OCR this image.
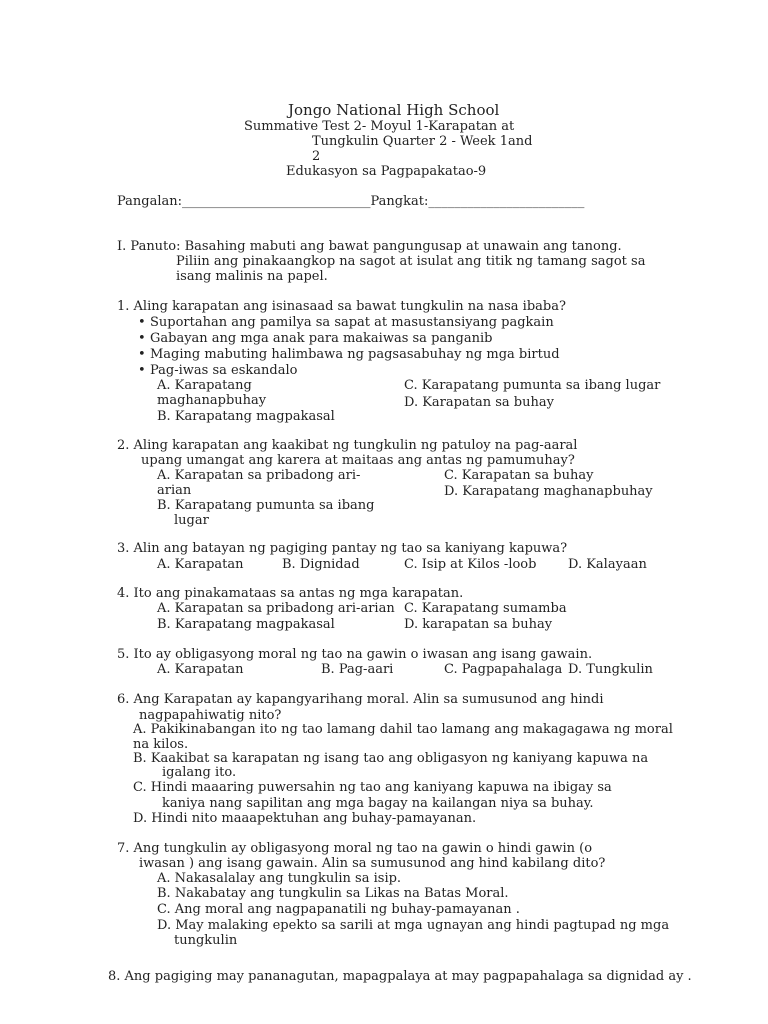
Jongo National High School
Summative Test 2- Moyul 1-Karapatan at
Tungkulin Quarter 2 - Week 1and
2
Edukasyon sa Pagpapakatao-9
Pangalan:_____________________________Pangkat:________________________
I. Panuto: Basahing mabuti ang bawat pangungusap at unawain ang tanong.
Piliin ang pinakaangkop na sagot at isulat ang titik ng tamang sagot sa
isang malinis na papel.
1. Aling karapatan ang isinasaad sa bawat tungkulin na nasa ibaba?
• Suportahan ang pamilya sa sapat at masustansiyang pagkain
• Gabayan ang mga anak para makaiwas sa panganib
• Maging mabuting halimbawa ng pagsasabuhay ng mga birtud
• Pag-iwas sa eskandalo
A. Karapatang
maghanapbuhay
B. Karapatang magpakasal
C. Karapatang pumunta sa ibang lugar
D. Karapatan sa buhay
2. Aling karapatan ang kaakibat ng tungkulin ng patuloy na pag-aaral
upang umangat ang karera at maitaas ang antas ng pamumuhay?
A. Karapatan sa pribadong ari-
arian
B. Karapatang pumunta sa ibang
lugar
C. Karapatan sa buhay
D. Karapatang maghanapbuhay
3. Alin ang batayan ng pagiging pantay ng tao sa kaniyang kapuwa?
A. Karapatan	B. Dignidad	C. Isip at Kilos -loob D. Kalayaan
4. Ito ang pinakamataas sa antas ng mga karapatan.
A. Karapatan sa pribadong ari-arian
B. Karapatang magpakasal
C. Karapatang sumamba
D. karapatan sa buhay
5. Ito ay obligasyong moral ng tao na gawin o iwasan ang isang gawain.
A. Karapatan	B. Pag-aari	C. Pagpapahalaga D. Tungkulin
6. Ang Karapatan ay kapangyarihang moral. Alin sa sumusunod ang hindi
nagpapahiwatig nito?
A. Pakikinabangan ito ng tao lamang dahil tao lamang ang makagagawa ng moral
na kilos.
B. Kaakibat sa karapatan ng isang tao ang obligasyon ng kaniyang kapuwa na
igalang ito.
C. Hindi maaaring puwersahin ng tao ang kaniyang kapuwa na ibigay sa
kaniya nang sapilitan ang mga bagay na kailangan niya sa buhay.
D. Hindi nito maaapektuhan ang buhay-pamayanan.
7. Ang tungkulin ay obligasyong moral ng tao na gawin o hindi gawin (o
iwasan ) ang isang gawain. Alin sa sumusunod ang hind kabilang dito?
A. Nakasalalay ang tungkulin sa isip.
B. Nakabatay ang tungkulin sa Likas na Batas Moral.
C. Ang moral ang nagpapanatili ng buhay-pamayanan .
D. May malaking epekto sa sarili at mga ugnayan ang hindi pagtupad ng mga
tungkulin
8. Ang pagiging may pananagutan, mapagpalaya at may pagpapahalaga sa dignidad ay .
